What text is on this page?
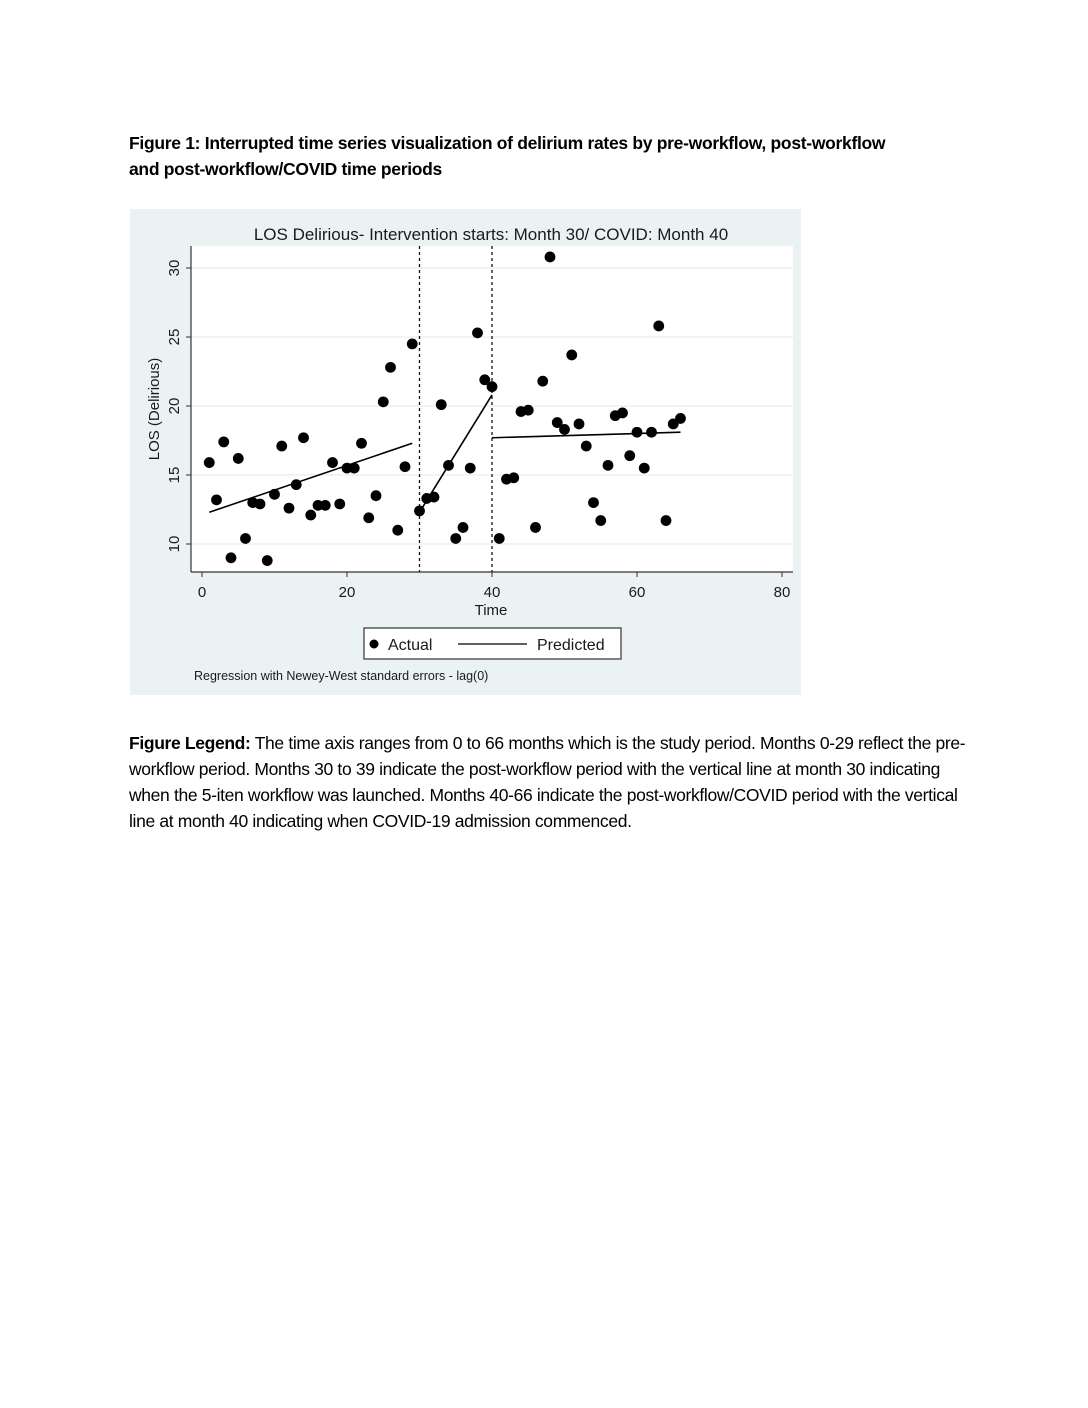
Figure 1: Interrupted time series visualization of delirium rates by pre-workflow, post-workflow and post-workflow/COVID time periods
10
15
20
25
30
0	20	40	60	80
LOS Delirious- Intervention starts: Month 30/ COVID: Month 40
Time
LOS (Delirious)
Actual	Predicted
Regression with Newey-West standard errors - lag(0)
Figure Legend: The time axis ranges from 0 to 66 months which is the study period. Months 0-29 reflect the pre-workflow period. Months 30 to 39 indicate the post-workflow period with the vertical line at month 30 indicating when the 5-iten workflow was launched. Months 40-66 indicate the post-workflow/COVID period with the vertical line at month 40 indicating when COVID-19 admission commenced.
